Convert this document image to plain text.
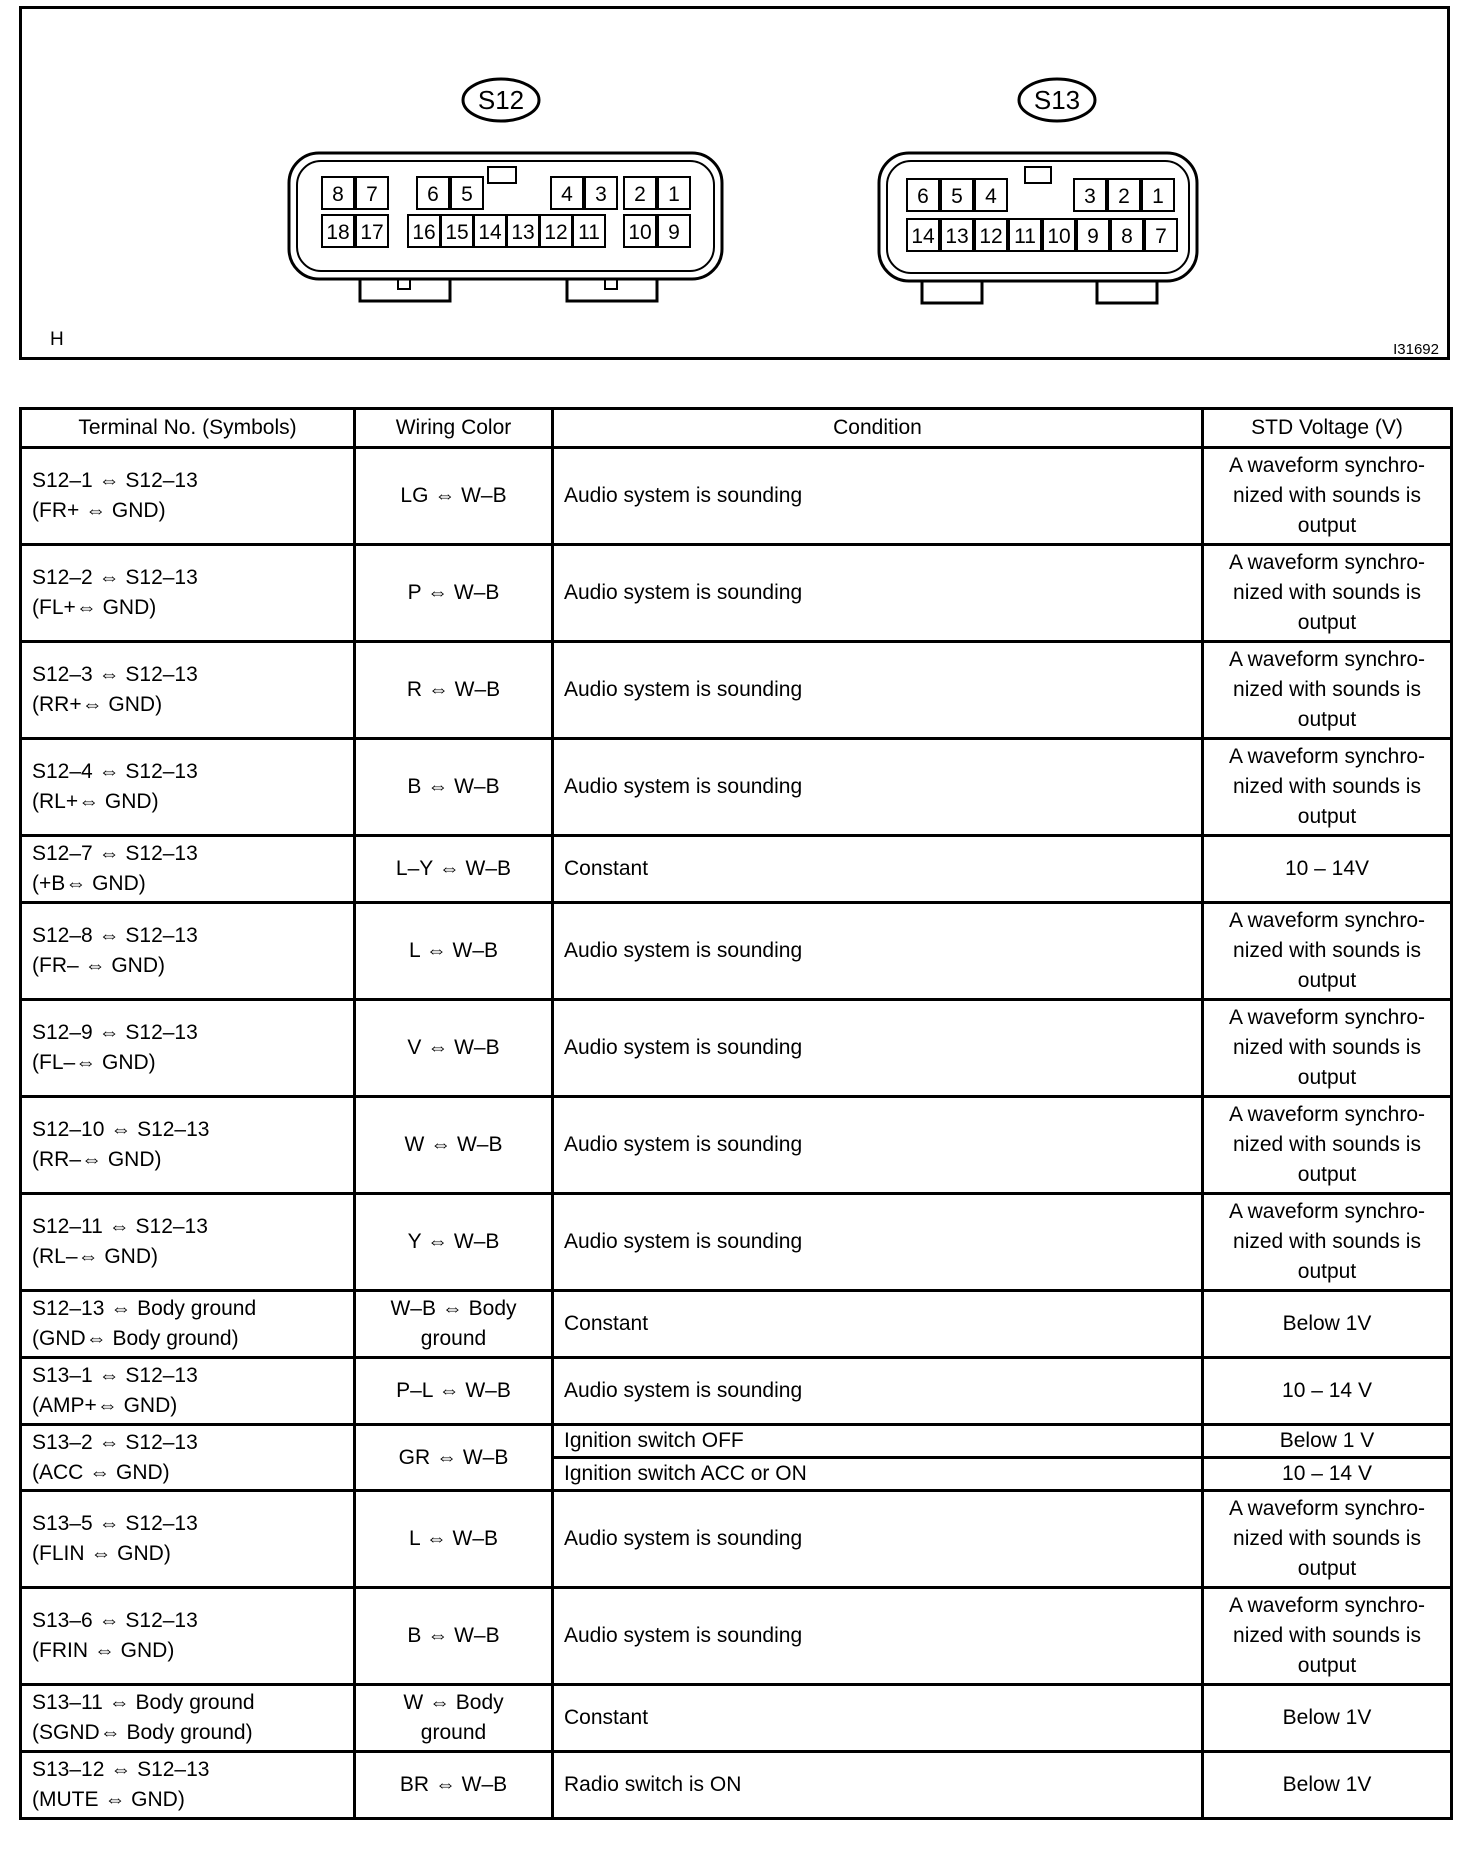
S12
8 7 6 5	4 3 2 1
18 17 16 15 14 13 12 11 10 9
S13
6 5 4	3 2 1
14 13 12 11 10 9 8 7
H	I31692
Terminal No. (Symbols)	Wiring Color	Condition	STD Voltage (V)

S12–1 ⇔ S12–13
(FR+ ⇔ GND)	LG ⇔ W–B	Audio system is sounding	A waveform synchro-
nized with sounds is
output

S12–2 ⇔ S12–13
(FL+⇔ GND)	P ⇔ W–B	Audio system is sounding	A waveform synchro-
nized with sounds is
output

S12–3 ⇔ S12–13
(RR+⇔ GND)	R ⇔ W–B	Audio system is sounding	A waveform synchro-
nized with sounds is
output

S12–4 ⇔ S12–13
(RL+⇔ GND)	B ⇔ W–B	Audio system is sounding	A waveform synchro-
nized with sounds is
output

S12–7 ⇔ S12–13
(+B⇔ GND)	L–Y ⇔ W–B	Constant	10 – 14V

S12–8 ⇔ S12–13
(FR– ⇔ GND)	L ⇔ W–B	Audio system is sounding	A waveform synchro-
nized with sounds is
output

S12–9 ⇔ S12–13
(FL–⇔ GND)	V ⇔ W–B	Audio system is sounding	A waveform synchro-
nized with sounds is
output

S12–10 ⇔ S12–13
(RR–⇔ GND)	W ⇔ W–B	Audio system is sounding	A waveform synchro-
nized with sounds is
output

S12–11 ⇔ S12–13
(RL–⇔ GND)	Y ⇔ W–B	Audio system is sounding	A waveform synchro-
nized with sounds is
output

S12–13 ⇔ Body ground
(GND⇔ Body ground)	W–B ⇔ Body
ground	Constant	Below 1V

S13–1 ⇔ S12–13
(AMP+⇔ GND)	P–L ⇔ W–B	Audio system is sounding	10 – 14 V

S13–2 ⇔ S12–13
(ACC ⇔ GND)	GR ⇔ W–B	Ignition switch OFF	Below 1 V

		Ignition switch ACC or ON	10 – 14 V

S13–5 ⇔ S12–13
(FLIN ⇔ GND)	L ⇔ W–B	Audio system is sounding	A waveform synchro-
nized with sounds is
output

S13–6 ⇔ S12–13
(FRIN ⇔ GND)	B ⇔ W–B	Audio system is sounding	A waveform synchro-
nized with sounds is
output

S13–11 ⇔ Body ground
(SGND⇔ Body ground)	W ⇔ Body
ground	Constant	Below 1V

S13–12 ⇔ S12–13
(MUTE ⇔ GND)	BR ⇔ W–B	Radio switch is ON	Below 1V
